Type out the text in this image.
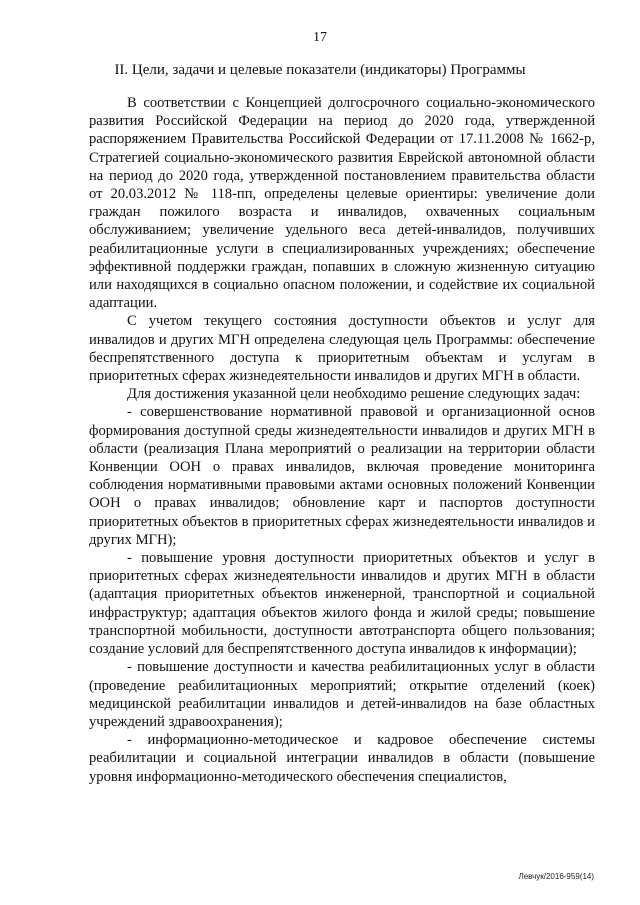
17
II. Цели, задачи и целевые показатели (индикаторы) Программы

В соответствии с Концепцией долгосрочного социально-экономического развития Российской Федерации на период до 2020 года, утвержденной распоряжением Правительства Российской Федерации от 17.11.2008 № 1662-р, Стратегией социально-экономического развития Еврейской автономной области на период до 2020 года, утвержденной постановлением правительства области от 20.03.2012 № 118-пп, определены целевые ориентиры: увеличение доли граждан пожилого возраста и инвалидов, охваченных социальным обслуживанием; увеличение удельного веса детей-инвалидов, получивших реабилитационные услуги в специализированных учреждениях; обеспечение эффективной поддержки граждан, попавших в сложную жизненную ситуацию или находящихся в социально опасном положении, и содействие их социальной адаптации.

С учетом текущего состояния доступности объектов и услуг для инвалидов и других МГН определена следующая цель Программы: обеспечение беспрепятственного доступа к приоритетным объектам и услугам в приоритетных сферах жизнедеятельности инвалидов и других МГН в области.

Для достижения указанной цели необходимо решение следующих задач:

- совершенствование нормативной правовой и организационной основ формирования доступной среды жизнедеятельности инвалидов и других МГН в области (реализация Плана мероприятий о реализации на территории области Конвенции ООН о правах инвалидов, включая проведение мониторинга соблюдения нормативными правовыми актами основных положений Конвенции ООН о правах инвалидов; обновление карт и паспортов доступности приоритетных объектов в приоритетных сферах жизнедеятельности инвалидов и других МГН);

- повышение уровня доступности приоритетных объектов и услуг в приоритетных сферах жизнедеятельности инвалидов и других МГН в области (адаптация приоритетных объектов инженерной, транспортной и социальной инфраструктур; адаптация объектов жилого фонда и жилой среды; повышение транспортной мобильности, доступности автотранспорта общего пользования; создание условий для беспрепятственного доступа инвалидов к информации);

- повышение доступности и качества реабилитационных услуг в области (проведение реабилитационных мероприятий; открытие отделений (коек) медицинской реабилитации инвалидов и детей-инвалидов на базе областных учреждений здравоохранения);

- информационно-методическое и кадровое обеспечение системы реабилитации и социальной интеграции инвалидов в области (повышение уровня информационно-методического обеспечения специалистов,

Левчук/2016-959(14)
